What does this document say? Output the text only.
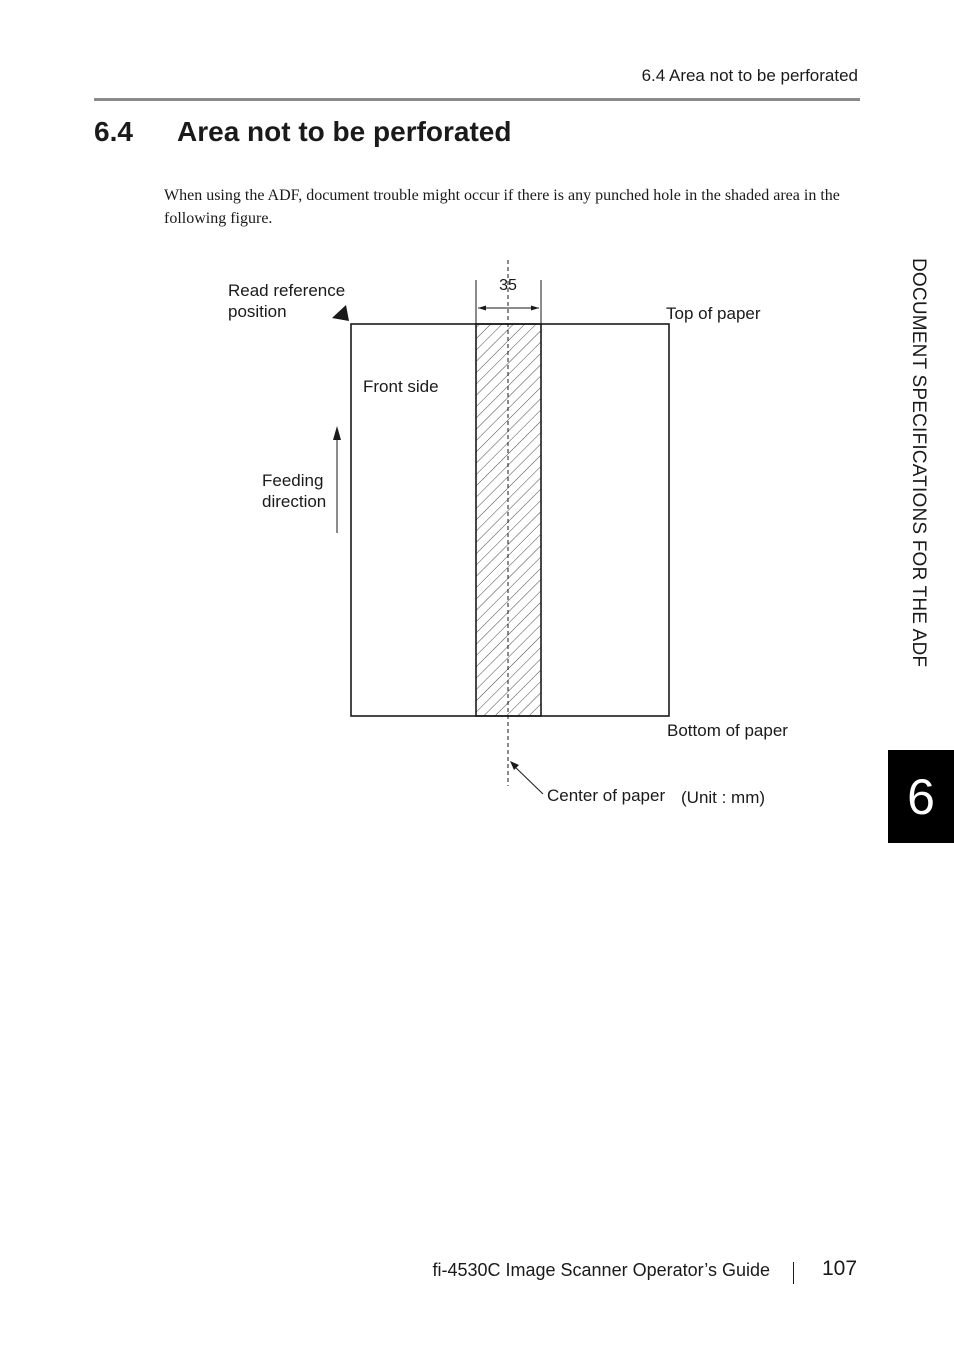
6.4 Area not to be perforated
6.4 Area not to be perforated

When using the ADF, document trouble might occur if there is any punched hole in the shaded area in the following figure.

35
Read reference
position	Top of paper
Front side
Feeding
direction
Bottom of paper
Center of paper (Unit : mm)
DOCUMENT SPECIFICATIONS FOR THE ADF
6
fi-4530C Image Scanner Operator’s Guide 107
